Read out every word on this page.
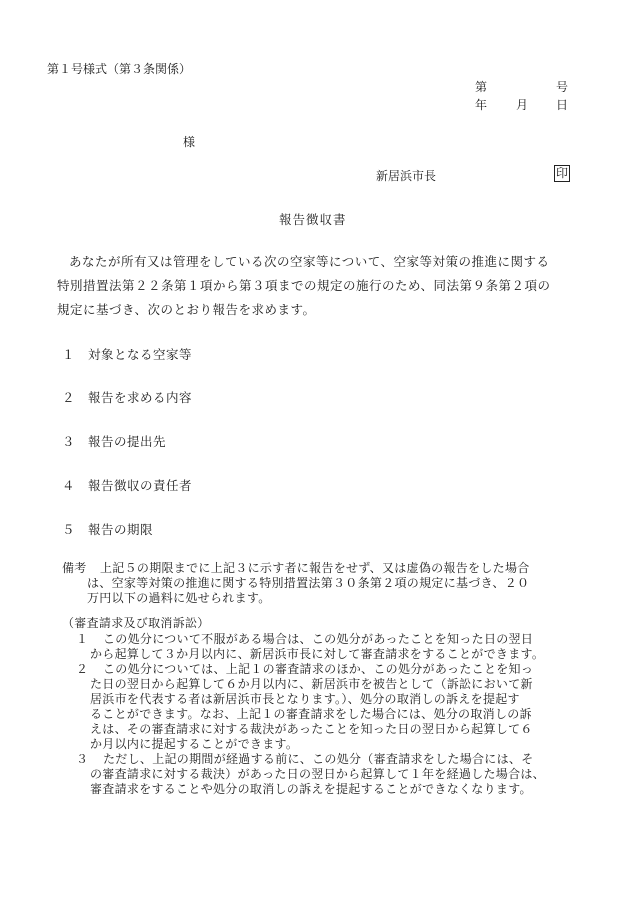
第１号様式（第３条関係）
第	号
年 月 日
様
新居浜市長	印
報告徴収書
あなたが所有又は管理をしている次の空家等について、空家等対策の推進に関する
特別措置法第２２条第１項から第３項までの規定の施行のため、同法第９条第２項の
規定に基づき、次のとおり報告を求めます。
１ 対象となる空家等
２ 報告を求める内容
３ 報告の提出先
４ 報告徴収の責任者
５ 報告の期限
備考 上記５の期限までに上記３に示す者に報告をせず、又は虚偽の報告をした場合
は、空家等対策の推進に関する特別措置法第３０条第２項の規定に基づき、２０
万円以下の過料に処せられます。
（審査請求及び取消訴訟）
１ この処分について不服がある場合は、この処分があったことを知った日の翌日
から起算して３か月以内に、新居浜市長に対して審査請求をすることができます。
２ この処分については、上記１の審査請求のほか、この処分があったことを知っ
た日の翌日から起算して６か月以内に、新居浜市を被告として（訴訟において新
居浜市を代表する者は新居浜市長となります。）、処分の取消しの訴えを提起す
ることができます。なお、上記１の審査請求をした場合には、処分の取消しの訴
えは、その審査請求に対する裁決があったことを知った日の翌日から起算して６
か月以内に提起することができます。
３ ただし、上記の期間が経過する前に、この処分（審査請求をした場合には、そ
の審査請求に対する裁決）があった日の翌日から起算して１年を経過した場合は、
審査請求をすることや処分の取消しの訴えを提起することができなくなります。
